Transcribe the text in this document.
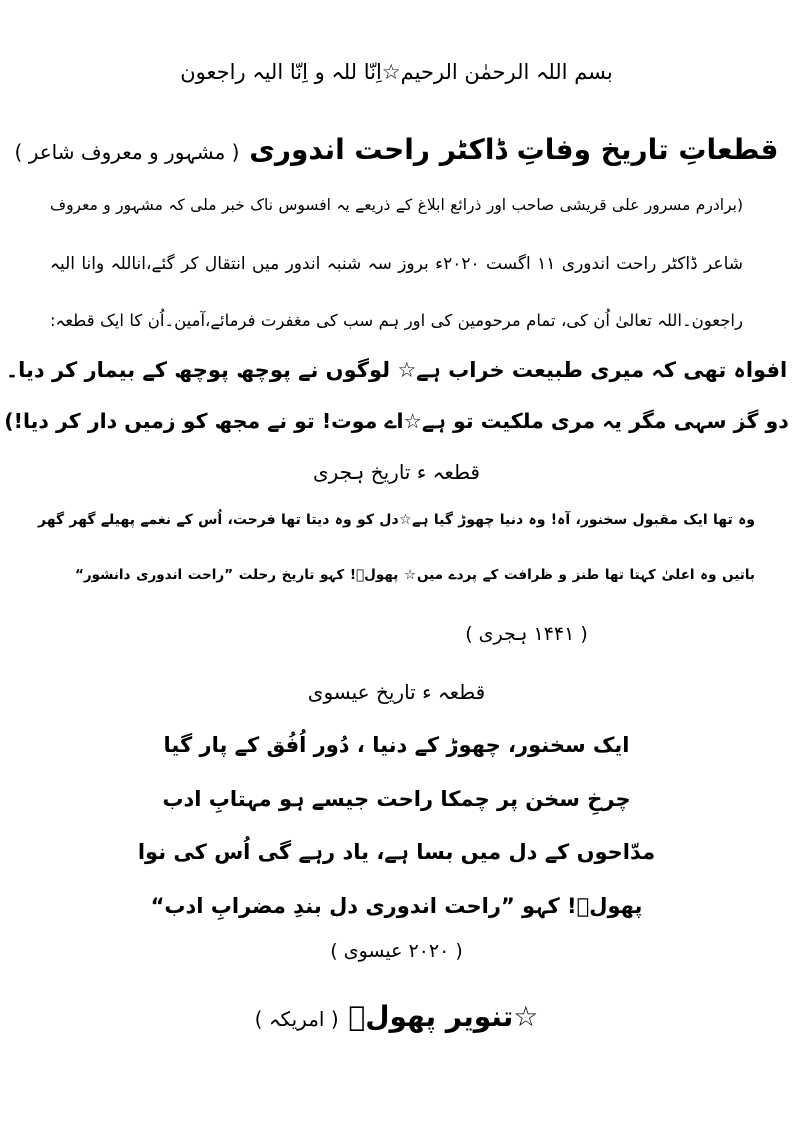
بسم اللہ الرحمٰن الرحیم☆اِنّا للہ و اِنّا الیہ راجعون
قطعاتِ تاریخ وفاتِ ڈاکٹر راحت اندوری ( مشہور و معروف شاعر )
(برادرم مسرور علی قریشی صاحب اور ذرائع ابلاغ کے ذریعے یہ افسوس ناک خبر ملی کہ مشہور و معروف
شاعر ڈاکٹر راحت اندوری ۱۱ اگست ۲۰۲۰ء بروز سہ شنبہ اندور میں انتقال کر گئے،اناللہ وانا الیہ
راجعون۔اللہ تعالیٰ اُن کی، تمام مرحومین کی اور ہم سب کی مغفرت فرمائے،آمین۔اُن کا ایک قطعہ:
افواہ تھی کہ میری طبیعت خراب ہے☆ لوگوں نے پوچھ پوچھ کے بیمار کر دیا۔
دو گز سہی مگر یہ مری ملکیت تو ہے☆اے موت! تو نے مجھ کو زمیں دار کر دیا!)
قطعہ ء تاریخ ہجری
وہ تھا ایک مقبول سخنور، آہ! وہ دنیا چھوڑ گیا ہے☆دل کو وہ دیتا تھا فرحت، اُس کے نغمے پھیلے گھر گھر
باتیں وہ اعلیٰ کہتا تھا طنز و ظرافت کے پردے میں☆ پھولؔ! کہو تاریخ رحلت ”راحت اندوری دانشور“
( ۱۴۴۱ ہجری )
قطعہ ء تاریخ عیسوی
ایک سخنور، چھوڑ کے دنیا ، دُور اُفُق کے پار گیا
چرخِ سخن پر چمکا راحت جیسے ہو مہتابِ ادب
مدّاحوں کے دل میں بسا ہے، یاد رہے گی اُس کی نوا
پھولؔ! کہو ”راحت اندوری دل بندِ مضرابِ ادب“
( ۲۰۲۰ عیسوی )
☆تنویر پھولؔ ( امریکہ )
